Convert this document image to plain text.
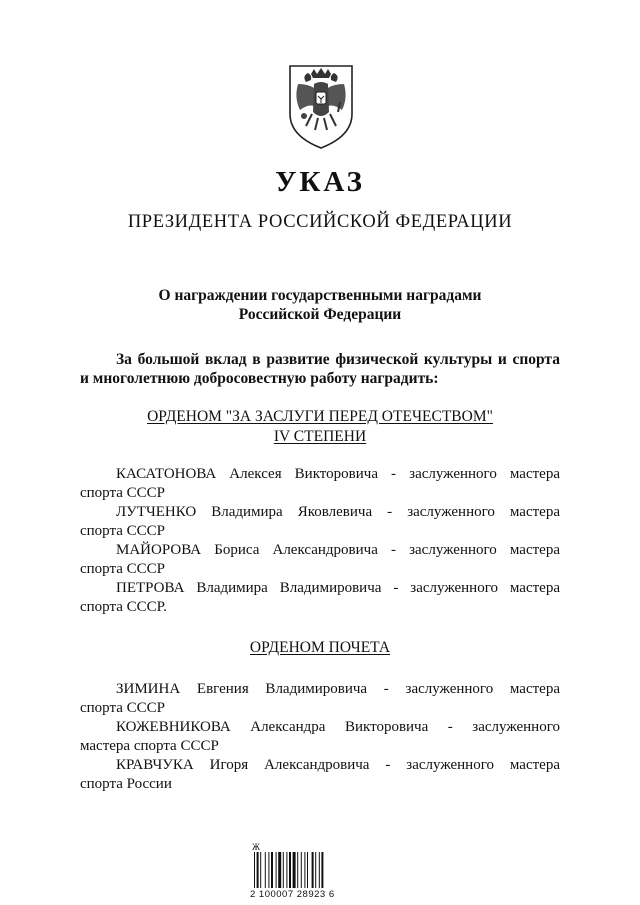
УКАЗ
ПРЕЗИДЕНТА РОССИЙСКОЙ ФЕДЕРАЦИИ
О награждении государственными наградами
Российской Федерации
За большой вклад в развитие физической культуры и спорта
и многолетнюю добросовестную работу наградить:
ОРДЕНОМ "ЗА ЗАСЛУГИ ПЕРЕД ОТЕЧЕСТВОМ"
IV СТЕПЕНИ
КАСАТОНОВА Алексея Викторовича - заслуженного мастера
спорта СССР
ЛУТЧЕНКО Владимира Яковлевича - заслуженного мастера
спорта СССР
МАЙОРОВА Бориса Александровича - заслуженного мастера
спорта СССР
ПЕТРОВА Владимира Владимировича - заслуженного мастера
спорта СССР.
ОРДЕНОМ ПОЧЕТА
ЗИМИНА Евгения Владимировича - заслуженного мастера
спорта СССР
КОЖЕВНИКОВА Александра Викторовича - заслуженного
мастера спорта СССР
КРАВЧУКА Игоря Александровича - заслуженного мастера
спорта России
Ж
2 100007 28923 6
